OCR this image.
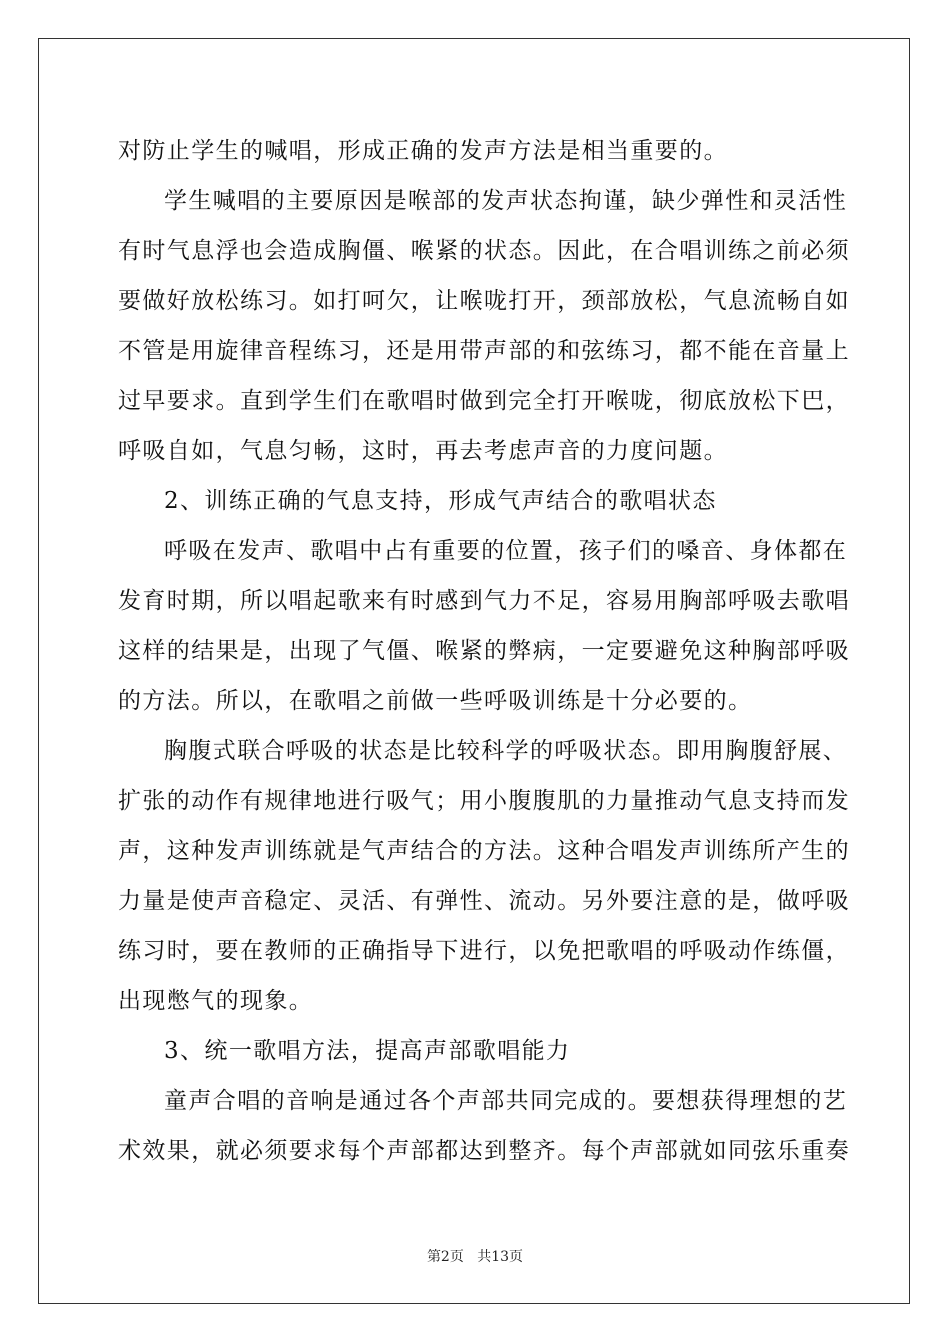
对防止学生的喊唱，形成正确的发声方法是相当重要的。
学生喊唱的主要原因是喉部的发声状态拘谨，缺少弹性和灵活性
有时气息浮也会造成胸僵、喉紧的状态。因此，在合唱训练之前必须
要做好放松练习。如打呵欠，让喉咙打开，颈部放松，气息流畅自如
不管是用旋律音程练习，还是用带声部的和弦练习，都不能在音量上
过早要求。直到学生们在歌唱时做到完全打开喉咙，彻底放松下巴，
呼吸自如，气息匀畅，这时，再去考虑声音的力度问题。
2、训练正确的气息支持，形成气声结合的歌唱状态
呼吸在发声、歌唱中占有重要的位置，孩子们的嗓音、身体都在
发育时期，所以唱起歌来有时感到气力不足，容易用胸部呼吸去歌唱
这样的结果是，出现了气僵、喉紧的弊病，一定要避免这种胸部呼吸
的方法。所以，在歌唱之前做一些呼吸训练是十分必要的。
胸腹式联合呼吸的状态是比较科学的呼吸状态。即用胸腹舒展、
扩张的动作有规律地进行吸气；用小腹腹肌的力量推动气息支持而发
声，这种发声训练就是气声结合的方法。这种合唱发声训练所产生的
力量是使声音稳定、灵活、有弹性、流动。另外要注意的是，做呼吸
练习时，要在教师的正确指导下进行，以免把歌唱的呼吸动作练僵，
出现憋气的现象。
3、统一歌唱方法，提高声部歌唱能力
童声合唱的音响是通过各个声部共同完成的。要想获得理想的艺
术效果，就必须要求每个声部都达到整齐。每个声部就如同弦乐重奏
第2页 共13页
